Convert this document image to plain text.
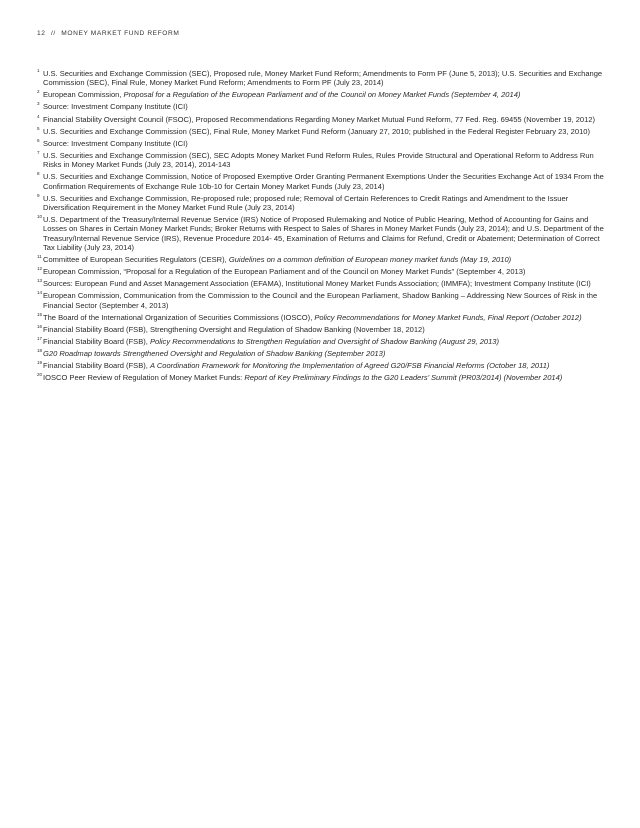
12 // MONEY MARKET FUND REFORM
1 U.S. Securities and Exchange Commission (SEC), Proposed rule, Money Market Fund Reform; Amendments to Form PF (June 5, 2013); U.S. Securities and Exchange Commission (SEC), Final Rule, Money Market Fund Reform; Amendments to Form PF (July 23, 2014)
2 European Commission, Proposal for a Regulation of the European Parliament and of the Council on Money Market Funds (September 4, 2014)
3 Source: Investment Company Institute (ICI)
4 Financial Stability Oversight Council (FSOC), Proposed Recommendations Regarding Money Market Mutual Fund Reform, 77 Fed. Reg. 69455 (November 19, 2012)
5 U.S. Securities and Exchange Commission (SEC), Final Rule, Money Market Fund Reform (January 27, 2010; published in the Federal Register February 23, 2010)
6 Source: Investment Company Institute (ICI)
7 U.S. Securities and Exchange Commission (SEC), SEC Adopts Money Market Fund Reform Rules, Rules Provide Structural and Operational Reform to Address Run Risks in Money Market Funds (July 23, 2014), 2014-143
8 U.S. Securities and Exchange Commission, Notice of Proposed Exemptive Order Granting Permanent Exemptions Under the Securities Exchange Act of 1934 From the Confirmation Requirements of Exchange Rule 10b-10 for Certain Money Market Funds (July 23, 2014)
9 U.S. Securities and Exchange Commission, Re-proposed rule; proposed rule; Removal of Certain References to Credit Ratings and Amendment to the Issuer Diversification Requirement in the Money Market Fund Rule (July 23, 2014)
10 U.S. Department of the Treasury/Internal Revenue Service (IRS) Notice of Proposed Rulemaking and Notice of Public Hearing, Method of Accounting for Gains and Losses on Shares in Certain Money Market Funds; Broker Returns with Respect to Sales of Shares in Money Market Funds (July 23, 2014); and U.S. Department of the Treasury/Internal Revenue Service (IRS), Revenue Procedure 2014- 45, Examination of Returns and Claims for Refund, Credit or Abatement; Determination of Correct Tax Liability (July 23, 2014)
11 Committee of European Securities Regulators (CESR), Guidelines on a common definition of European money market funds (May 19, 2010)
12 European Commission, “Proposal for a Regulation of the European Parliament and of the Council on Money Market Funds” (September 4, 2013)
13 Sources: European Fund and Asset Management Association (EFAMA), Institutional Money Market Funds Association; (IMMFA); Investment Company Institute (ICI)
14 European Commission, Communication from the Commission to the Council and the European Parliament, Shadow Banking – Addressing New Sources of Risk in the Financial Sector (September 4, 2013)
15 The Board of the International Organization of Securities Commissions (IOSCO), Policy Recommendations for Money Market Funds, Final Report (October 2012)
16 Financial Stability Board (FSB), Strengthening Oversight and Regulation of Shadow Banking (November 18, 2012)
17 Financial Stability Board (FSB), Policy Recommendations to Strengthen Regulation and Oversight of Shadow Banking (August 29, 2013)
18 G20 Roadmap towards Strengthened Oversight and Regulation of Shadow Banking (September 2013)
19 Financial Stability Board (FSB), A Coordination Framework for Monitoring the Implementation of Agreed G20/FSB Financial Reforms (October 18, 2011)
20 IOSCO Peer Review of Regulation of Money Market Funds: Report of Key Preliminary Findings to the G20 Leaders’ Summit (PR03/2014) (November 2014)
